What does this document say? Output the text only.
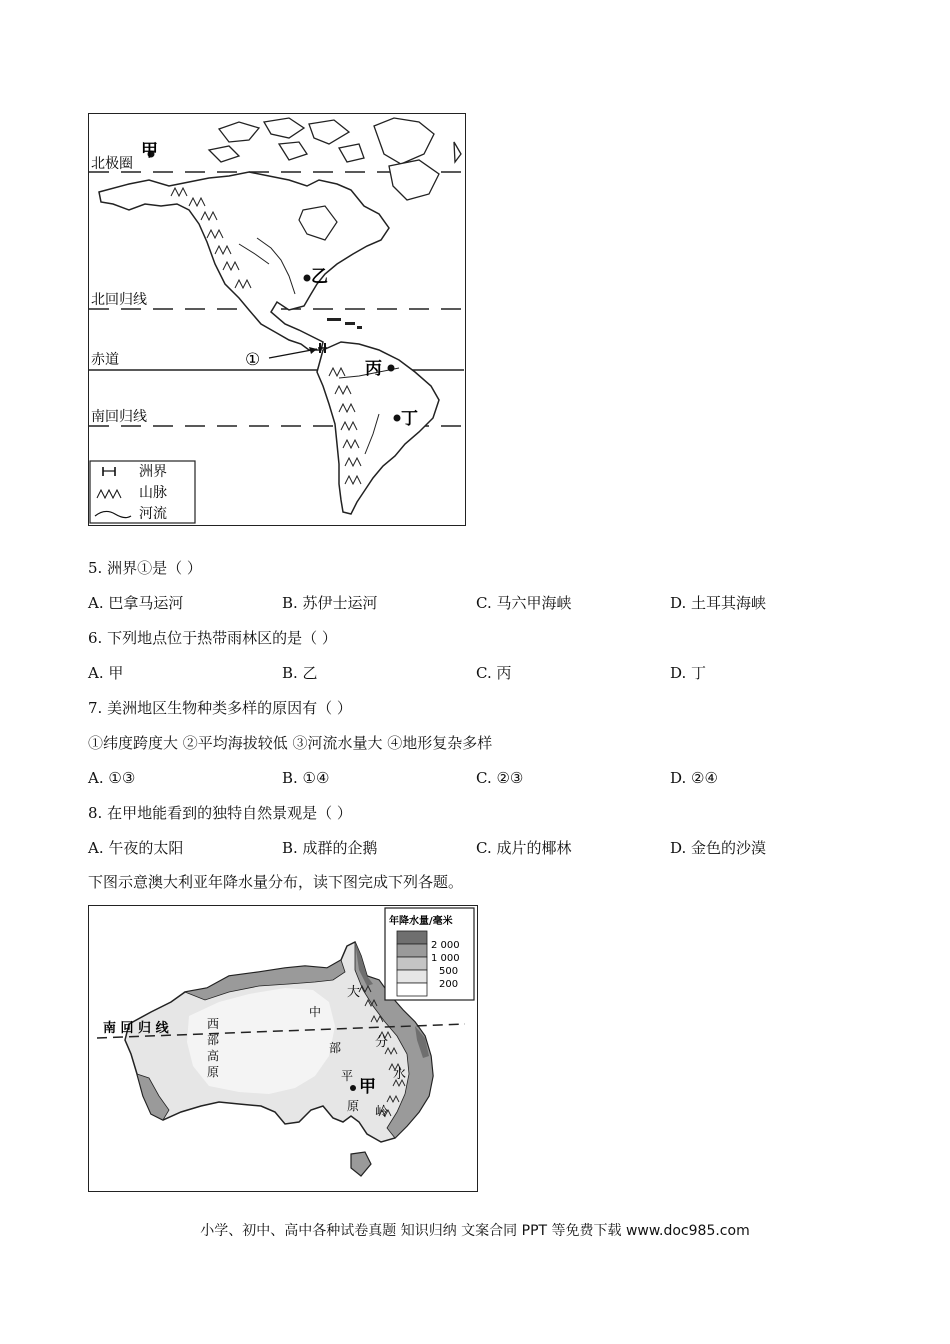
北极圈
北回归线
赤道
南回归线
甲
乙
丙
丁
①
洲界
山脉
河流
5. 洲界①是（ ）
A. 巴拿马运河	B. 苏伊士运河	C. 马六甲海峡	D. 土耳其海峡
6. 下列地点位于热带雨林区的是（ ）
A. 甲	B. 乙	C. 丙	D. 丁
7. 美洲地区生物种类多样的原因有（ ）
①纬度跨度大 ②平均海拔较低 ③河流水量大 ④地形复杂多样
A. ①③	B. ①④	C. ②③	D. ②④
8. 在甲地能看到的独特自然景观是（ ）
A. 午夜的太阳	B. 成群的企鹅	C. 成片的椰林	D. 金色的沙漠
下图示意澳大利亚年降水量分布，读下图完成下列各题。
南 回 归 线	西
部
高
原
中
部
平
原
大
分
水
岭
甲
年降水量/毫米
2 000
1 000
500
200
小学、初中、高中各种试卷真题 知识归纳 文案合同 PPT 等免费下载 www.doc985.com
